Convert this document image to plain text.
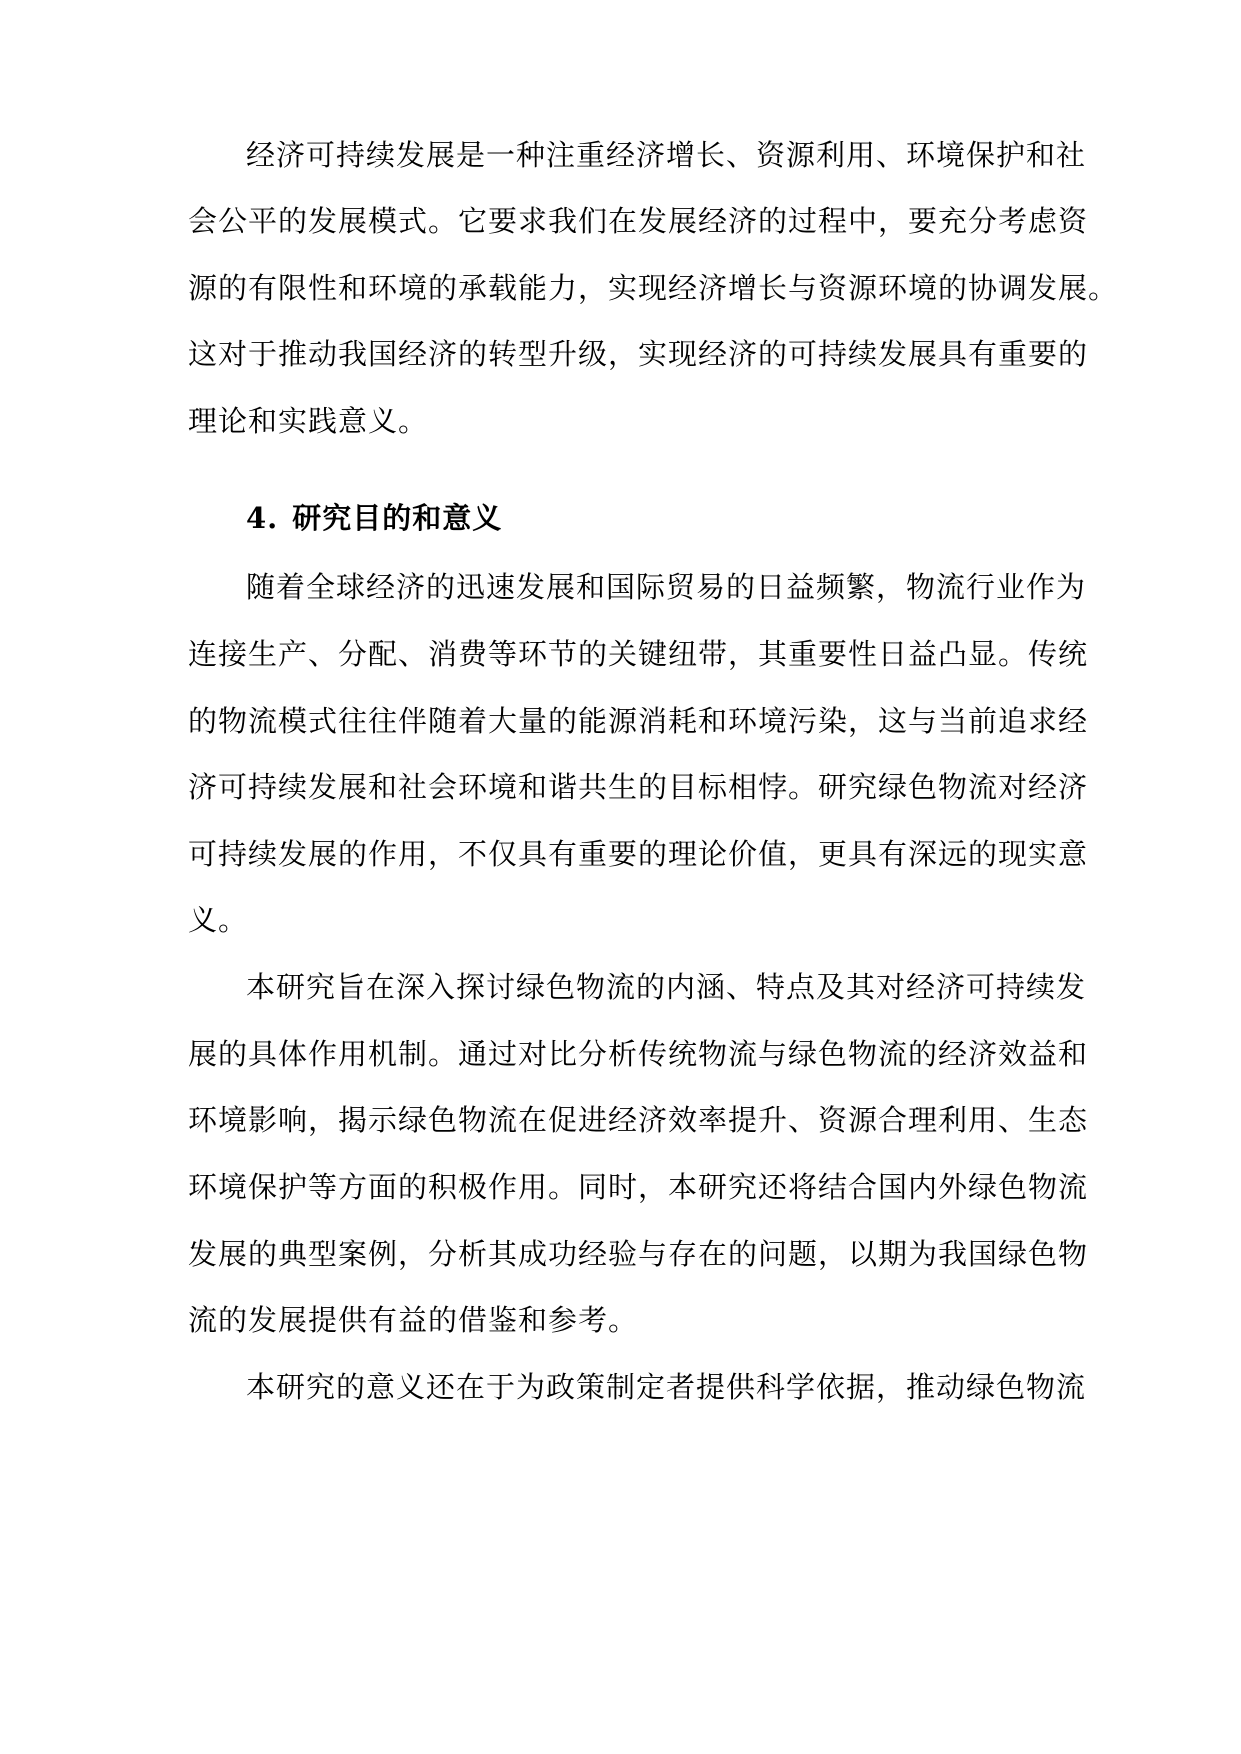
经济可持续发展是一种注重经济增长、资源利用、环境保护和社
会公平的发展模式。它要求我们在发展经济的过程中，要充分考虑资
源的有限性和环境的承载能力，实现经济增长与资源环境的协调发展。
这对于推动我国经济的转型升级，实现经济的可持续发展具有重要的
理论和实践意义。
4. 研究目的和意义
随着全球经济的迅速发展和国际贸易的日益频繁，物流行业作为
连接生产、分配、消费等环节的关键纽带，其重要性日益凸显。传统
的物流模式往往伴随着大量的能源消耗和环境污染，这与当前追求经
济可持续发展和社会环境和谐共生的目标相悖。研究绿色物流对经济
可持续发展的作用，不仅具有重要的理论价值，更具有深远的现实意
义。
本研究旨在深入探讨绿色物流的内涵、特点及其对经济可持续发
展的具体作用机制。通过对比分析传统物流与绿色物流的经济效益和
环境影响，揭示绿色物流在促进经济效率提升、资源合理利用、生态
环境保护等方面的积极作用。同时，本研究还将结合国内外绿色物流
发展的典型案例，分析其成功经验与存在的问题，以期为我国绿色物
流的发展提供有益的借鉴和参考。
本研究的意义还在于为政策制定者提供科学依据，推动绿色物流
